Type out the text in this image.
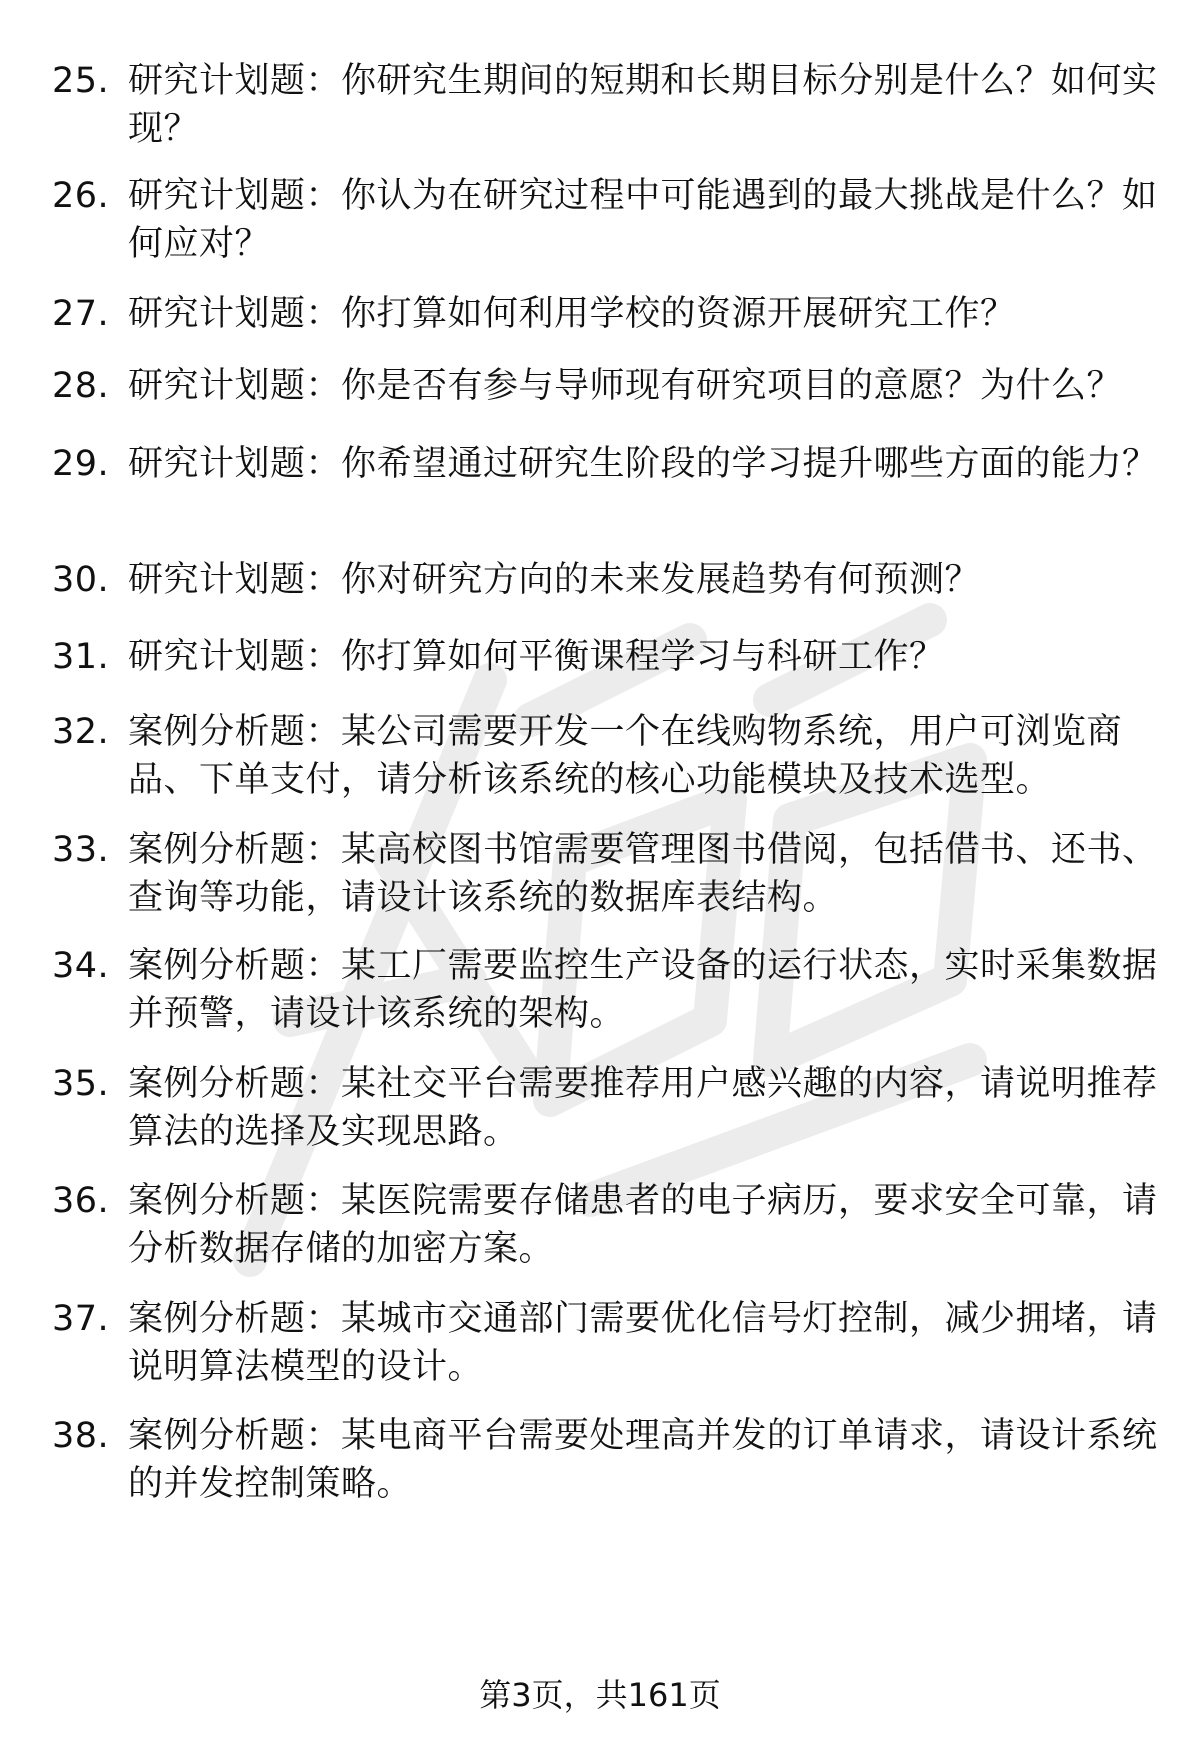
25. 研究计划题：你研究生期间的短期和长期目标分别是什么？如何实现？
26. 研究计划题：你认为在研究过程中可能遇到的最大挑战是什么？如何应对？
27. 研究计划题：你打算如何利用学校的资源开展研究工作？
28. 研究计划题：你是否有参与导师现有研究项目的意愿？为什么？
29. 研究计划题：你希望通过研究生阶段的学习提升哪些方面的能力？
30. 研究计划题：你对研究方向的未来发展趋势有何预测？
31. 研究计划题：你打算如何平衡课程学习与科研工作？
32. 案例分析题：某公司需要开发一个在线购物系统，用户可浏览商品、下单支付，请分析该系统的核心功能模块及技术选型。
33. 案例分析题：某高校图书馆需要管理图书借阅，包括借书、还书、查询等功能，请设计该系统的数据库表结构。
34. 案例分析题：某工厂需要监控生产设备的运行状态，实时采集数据并预警，请设计该系统的架构。
35. 案例分析题：某社交平台需要推荐用户感兴趣的内容，请说明推荐算法的选择及实现思路。
36. 案例分析题：某医院需要存储患者的电子病历，要求安全可靠，请分析数据存储的加密方案。
37. 案例分析题：某城市交通部门需要优化信号灯控制，减少拥堵，请说明算法模型的设计。
38. 案例分析题：某电商平台需要处理高并发的订单请求，请设计系统的并发控制策略。
第3页，共161页
